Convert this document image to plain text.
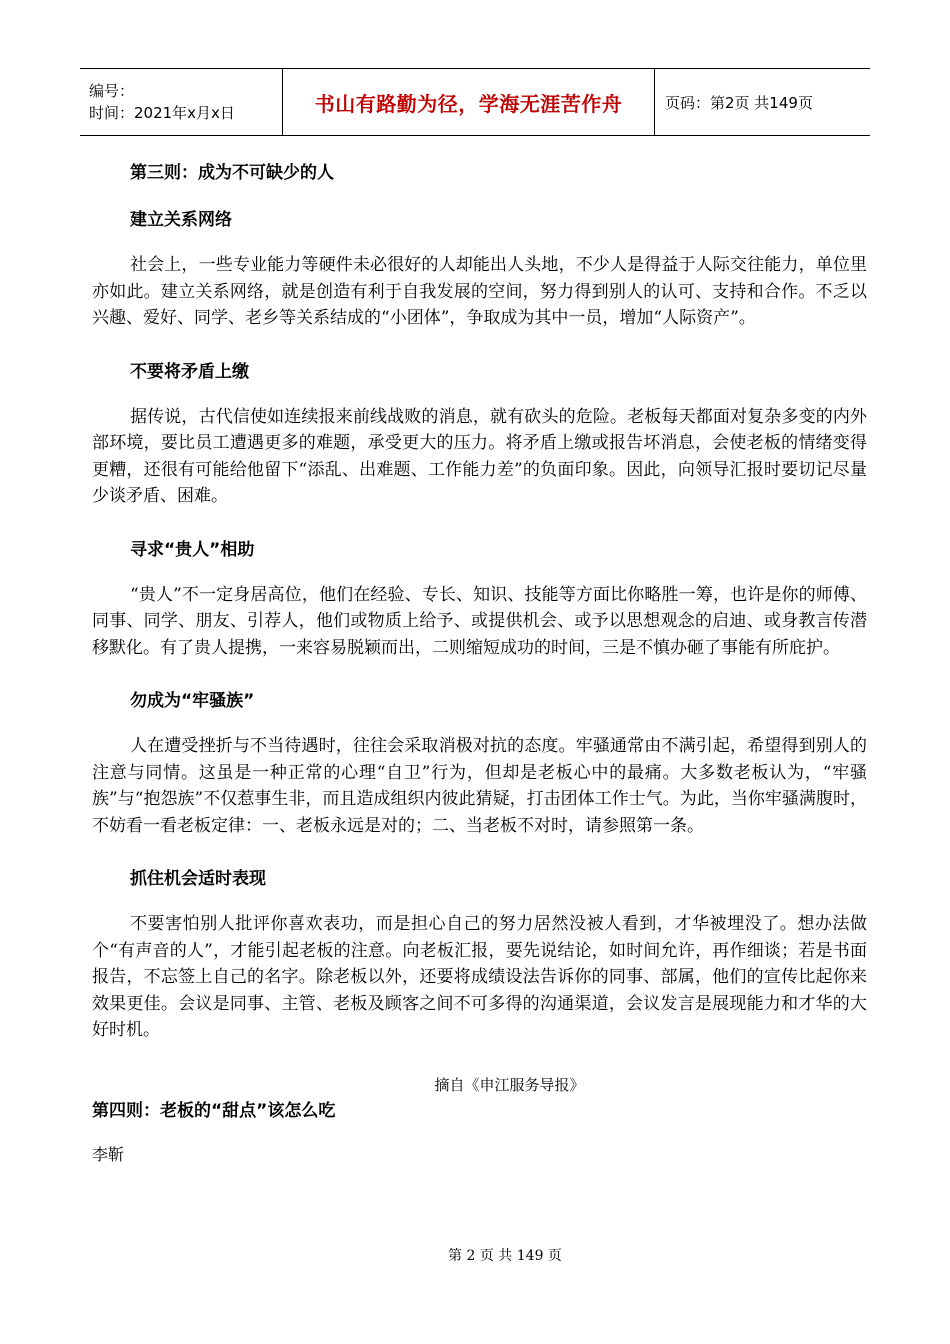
编号：
时间：2021年x月x日	书山有路勤为径，学海无涯苦作舟	页码：第2页 共149页

第三则：成为不可缺少的人

建立关系网络

社会上，一些专业能力等硬件未必很好的人却能出人头地，不少人是得益于人际交往能力，单位里亦如此。建立关系网络，就是创造有利于自我发展的空间，努力得到别人的认可、支持和合作。不乏以兴趣、爱好、同学、老乡等关系结成的“小团体”，争取成为其中一员，增加“人际资产”。

不要将矛盾上缴

据传说，古代信使如连续报来前线战败的消息，就有砍头的危险。老板每天都面对复杂多变的内外部环境，要比员工遭遇更多的难题，承受更大的压力。将矛盾上缴或报告坏消息，会使老板的情绪变得更糟，还很有可能给他留下“添乱、出难题、工作能力差”的负面印象。因此，向领导汇报时要切记尽量少谈矛盾、困难。

寻求“贵人”相助

“贵人”不一定身居高位，他们在经验、专长、知识、技能等方面比你略胜一筹，也许是你的师傅、同事、同学、朋友、引荐人，他们或物质上给予、或提供机会、或予以思想观念的启迪、或身教言传潜移默化。有了贵人提携，一来容易脱颖而出，二则缩短成功的时间，三是不慎办砸了事能有所庇护。

勿成为“牢骚族”

人在遭受挫折与不当待遇时，往往会采取消极对抗的态度。牢骚通常由不满引起，希望得到别人的注意与同情。这虽是一种正常的心理“自卫”行为，但却是老板心中的最痛。大多数老板认为，“牢骚族”与“抱怨族”不仅惹事生非，而且造成组织内彼此猜疑，打击团体工作士气。为此，当你牢骚满腹时，不妨看一看老板定律：一、老板永远是对的；二、当老板不对时，请参照第一条。

抓住机会适时表现

不要害怕别人批评你喜欢表功，而是担心自己的努力居然没被人看到，才华被埋没了。想办法做个“有声音的人”，才能引起老板的注意。向老板汇报，要先说结论，如时间允许，再作细谈；若是书面报告，不忘签上自己的名字。除老板以外，还要将成绩设法告诉你的同事、部属，他们的宣传比起你来效果更佳。会议是同事、主管、老板及顾客之间不可多得的沟通渠道，会议发言是展现能力和才华的大好时机。

摘自《申江服务导报》

第四则：老板的“甜点”该怎么吃

李靳

第 2 页 共 149 页
